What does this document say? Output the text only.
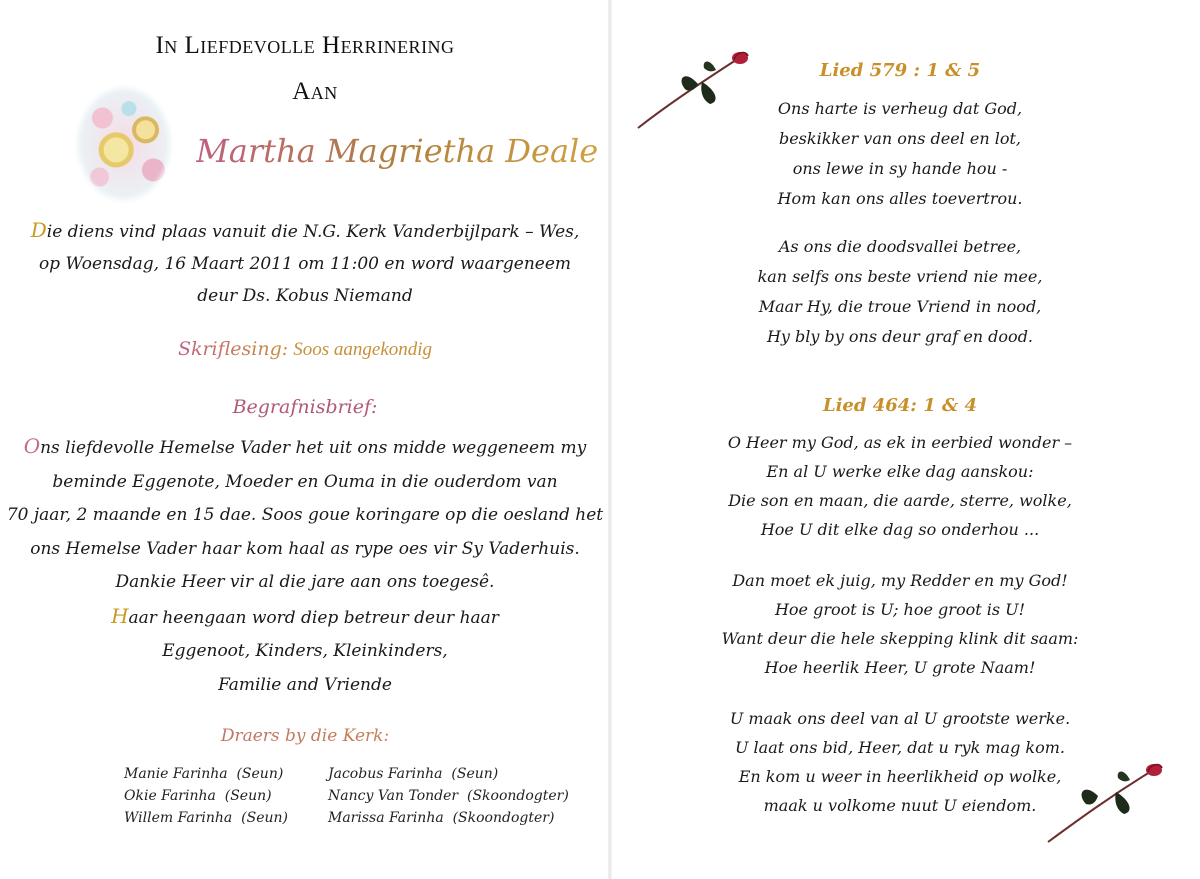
In Liefdevolle Herrinering
Aan
Martha Magrietha Deale
Die diens vind plaas vanuit die N.G. Kerk Vanderbijlpark – Wes,
op Woensdag, 16 Maart 2011 om 11:00 en word waargeneem
deur Ds. Kobus Niemand
Skriflesing: Soos aangekondig
Begrafnisbrief:
Ons liefdevolle Hemelse Vader het uit ons midde weggeneem my
beminde Eggenote, Moeder en Ouma in die ouderdom van
70 jaar, 2 maande en 15 dae. Soos goue koringare op die oesland het
ons Hemelse Vader haar kom haal as rype oes vir Sy Vaderhuis.
Dankie Heer vir al die jare aan ons toegesê.
Haar heengaan word diep betreur deur haar
Eggenoot, Kinders, Kleinkinders,
Familie and Vriende
Draers by die Kerk:
Manie Farinha  (Seun)
Okie Farinha  (Seun)
Willem Farinha  (Seun)
Jacobus Farinha  (Seun)
Nancy Van Tonder  (Skoondogter)
Marissa Farinha  (Skoondogter)
Lied 579 : 1 & 5
Ons harte is verheug dat God,
beskikker van ons deel en lot,
ons lewe in sy hande hou -
Hom kan ons alles toevertrou.
As ons die doodsvallei betree,
kan selfs ons beste vriend nie mee,
Maar Hy, die troue Vriend in nood,
Hy bly by ons deur graf en dood.
Lied 464: 1 & 4
O Heer my God, as ek in eerbied wonder –
En al U werke elke dag aanskou:
Die son en maan, die aarde, sterre, wolke,
Hoe U dit elke dag so onderhou ...
Dan moet ek juig, my Redder en my God!
Hoe groot is U; hoe groot is U!
Want deur die hele skepping klink dit saam:
Hoe heerlik Heer, U grote Naam!
U maak ons deel van al U grootste werke.
U laat ons bid, Heer, dat u ryk mag kom.
En kom u weer in heerlikheid op wolke,
maak u volkome nuut U eiendom.
